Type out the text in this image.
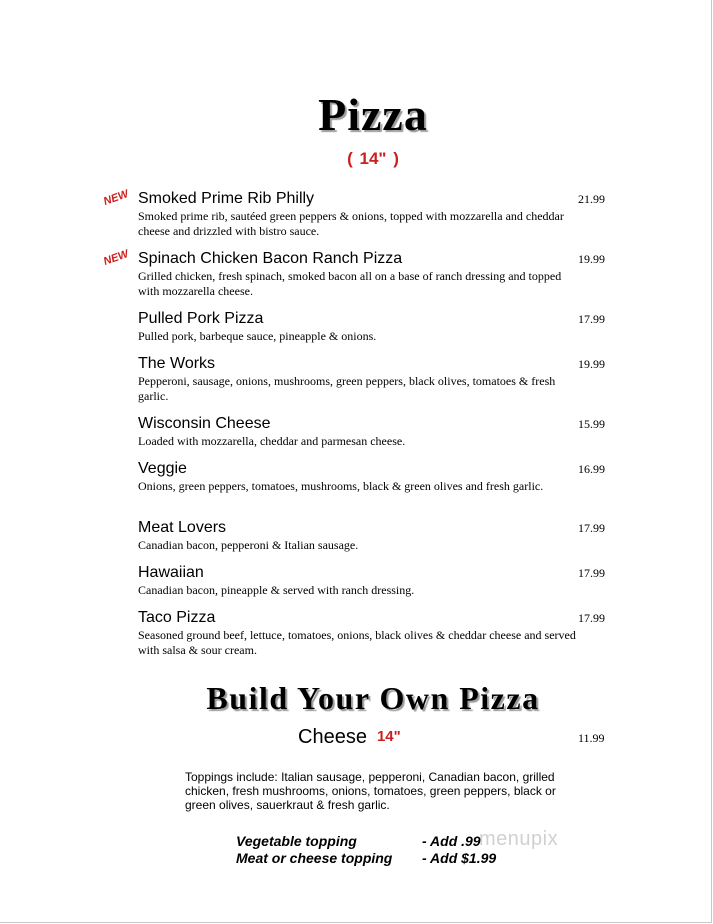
Pizza
( 14" )
NEW Smoked Prime Rib Philly
Smoked prime rib, sautéed green peppers & onions, topped with mozzarella and cheddar cheese and drizzled with bistro sauce.
21.99
NEW Spinach Chicken Bacon Ranch Pizza
Grilled chicken, fresh spinach, smoked bacon all on a base of ranch dressing and topped with mozzarella cheese.
19.99
Pulled Pork Pizza
Pulled pork, barbeque sauce, pineapple & onions.
17.99
The Works
Pepperoni, sausage, onions, mushrooms, green peppers, black olives, tomatoes & fresh garlic.
19.99
Wisconsin Cheese
Loaded with mozzarella, cheddar and parmesan cheese.
15.99
Veggie
Onions, green peppers, tomatoes, mushrooms, black & green olives and fresh garlic.
16.99
Meat Lovers
Canadian bacon, pepperoni & Italian sausage.
17.99
Hawaiian
Canadian bacon, pineapple & served with ranch dressing.
17.99
Taco Pizza
Seasoned ground beef, lettuce, tomatoes, onions, black olives & cheddar cheese and served with salsa & sour cream.
17.99
Build Your Own Pizza
Cheese 14"	11.99
Toppings include: Italian sausage, pepperoni, Canadian bacon, grilled chicken, fresh mushrooms, onions, tomatoes, green peppers, black or green olives, sauerkraut & fresh garlic.
Vegetable topping	- Add .99
Meat or cheese topping - Add $1.99
menupix
